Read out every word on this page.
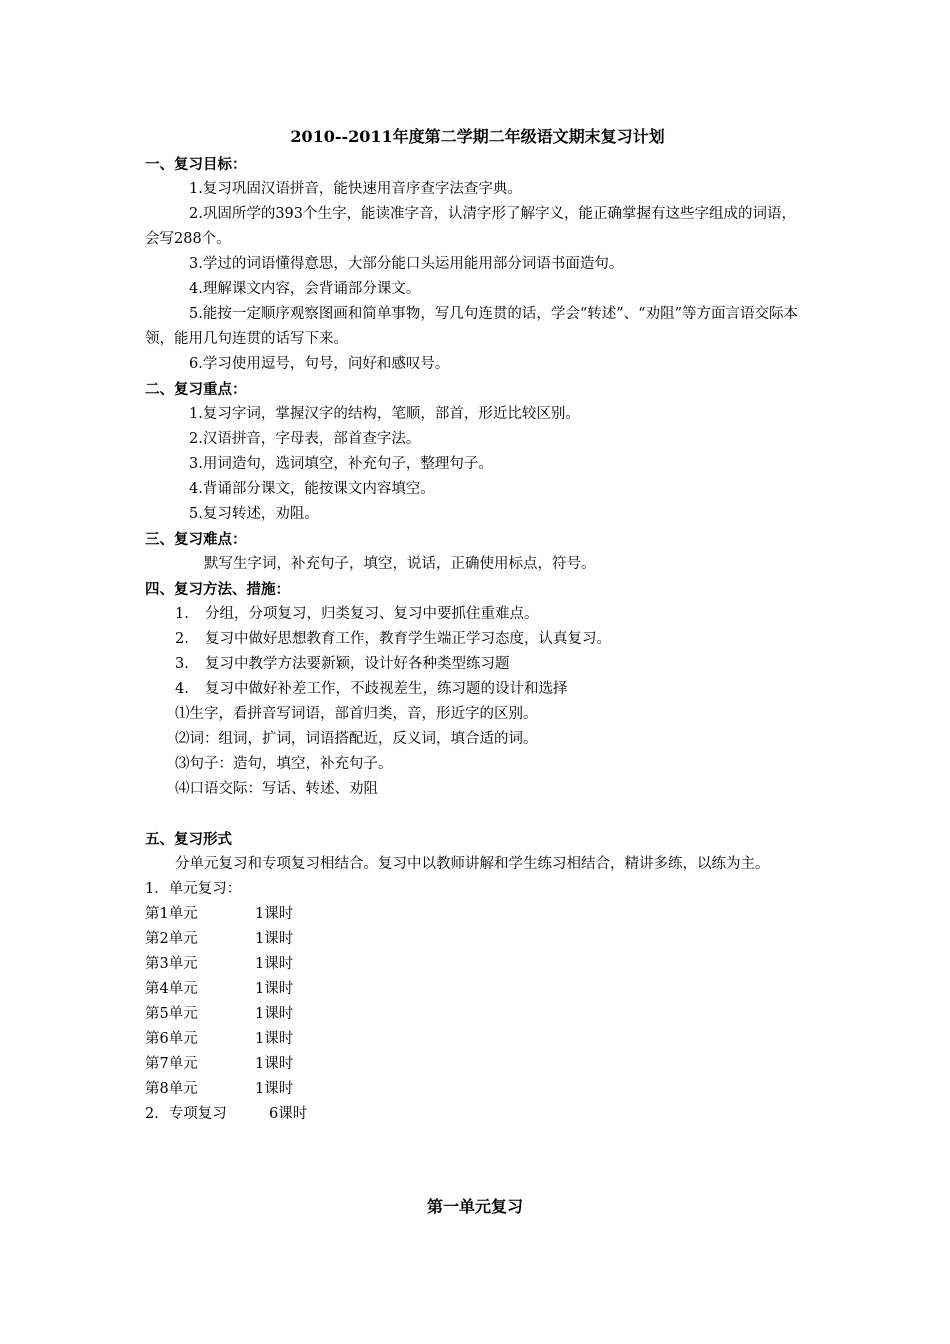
2010--2011年度第二学期二年级语文期末复习计划
一、复习目标：
1.复习巩固汉语拼音，能快速用音序查字法查字典。
2.巩固所学的393个生字，能读准字音，认清字形了解字义，能正确掌握有这些字组成的词语，会写288个。
3.学过的词语懂得意思，大部分能口头运用能用部分词语书面造句。
4.理解课文内容，会背诵部分课文。
5.能按一定顺序观察图画和简单事物，写几句连贯的话，学会“转述”、“劝阻”等方面言语交际本领，能用几句连贯的话写下来。
6.学习使用逗号，句号，问好和感叹号。
二、复习重点：
1.复习字词，掌握汉字的结构，笔顺，部首，形近比较区别。
2.汉语拼音，字母表，部首查字法。
3.用词造句，选词填空，补充句子，整理句子。
4.背诵部分课文，能按课文内容填空。
5.复习转述，劝阻。
三、复习难点：
默写生字词，补充句子，填空，说话，正确使用标点，符号。
四、复习方法、措施：
1. 分组，分项复习，归类复习、复习中要抓住重难点。
2. 复习中做好思想教育工作，教育学生端正学习态度，认真复习。
3. 复习中教学方法要新颖，设计好各种类型练习题
4. 复习中做好补差工作，不歧视差生，练习题的设计和选择
⑴生字，看拼音写词语，部首归类，音，形近字的区别。
⑵词：组词，扩词，词语搭配近，反义词，填合适的词。
⑶句子：造句，填空，补充句子。
⑷口语交际：写话、转述、劝阻
五、复习形式
分单元复习和专项复习相结合。复习中以教师讲解和学生练习相结合，精讲多练，以练为主。
1．单元复习：
第1单元	1课时
第2单元	1课时
第3单元	1课时
第4单元	1课时
第5单元	1课时
第6单元	1课时
第7单元	1课时
第8单元	1课时
2．专项复习	6课时
第一单元复习
